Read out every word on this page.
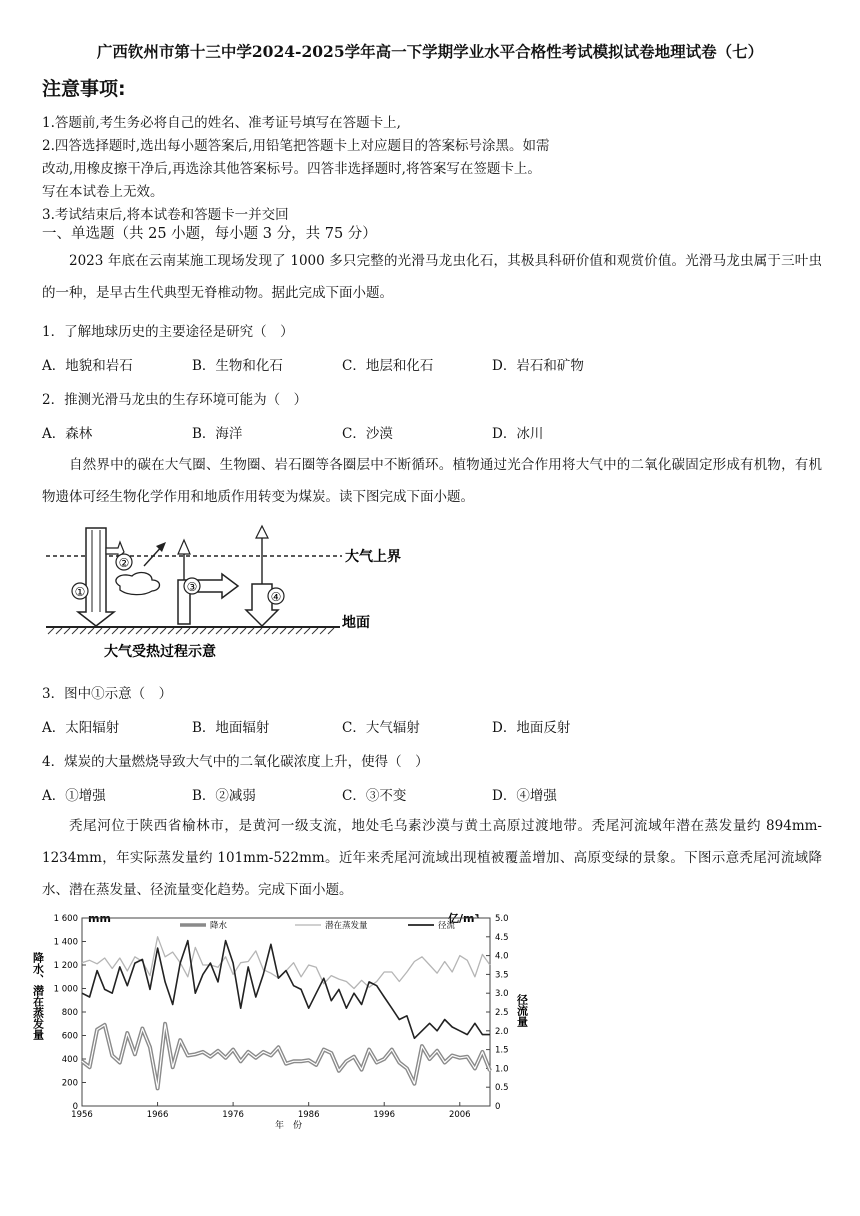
广西钦州市第十三中学2024-2025学年高一下学期学业水平合格性考试模拟试卷地理试卷（七）
注意事项:
1.答题前,考生务必将自己的姓名、准考证号填写在答题卡上,
2.四答选择题时,选出每小题答案后,用铅笔把答题卡上对应题目的答案标号涂黑。如需
改动,用橡皮擦干净后,再选涂其他答案标号。四答非选择题时,将答案写在签题卡上。
写在本试卷上无效。
3.考试结束后,将本试卷和答题卡一并交回
一、单选题（共 25 小题，每小题 3 分，共 75 分）
2023 年底在云南某施工现场发现了 1000 多只完整的光滑马龙虫化石，其极具科研价值和观赏价值。光滑马龙虫属于三叶虫的一种，是早古生代典型无脊椎动物。据此完成下面小题。
1．了解地球历史的主要途径是研究（　）
A．地貌和岩石	B．生物和化石	C．地层和化石	D．岩石和矿物
2．推测光滑马龙虫的生存环境可能为（　）
A．森林	B．海洋	C．沙漠	D．冰川
自然界中的碳在大气圈、生物圈、岩石圈等各圈层中不断循环。植物通过光合作用将大气中的二氧化碳固定形成有机物，有机物遗体可经生物化学作用和地质作用转变为煤炭。读下图完成下面小题。
大气上界
地面
①
②
③
④
大气受热过程示意
3．图中①示意（　）
A．太阳辐射	B．地面辐射	C．大气辐射	D．地面反射
4．煤炭的大量燃烧导致大气中的二氧化碳浓度上升，使得（　）
A．①增强	B．②减弱	C．③不变	D．④增强
秃尾河位于陕西省榆林市，是黄河一级支流，地处毛乌素沙漠与黄土高原过渡地带。秃尾河流域年潜在蒸发量约 894mm-1234mm，年实际蒸发量约 101mm-522mm。近年来秃尾河流域出现植被覆盖增加、高原变绿的景象。下图示意秃尾河流域降水、潜在蒸发量、径流量变化趋势。完成下面小题。
mm	亿/m³
降水、潜在蒸发量	径流量
年　份
0
200
400
600
800
1 000
1 200
1 400
1 600
0
0.5
1.0
1.5
2.0
2.5
3.0
3.5
4.0
4.5
5.0
1956	1966	1976	1986	1996	2006
降水	潜在蒸发量	径流
